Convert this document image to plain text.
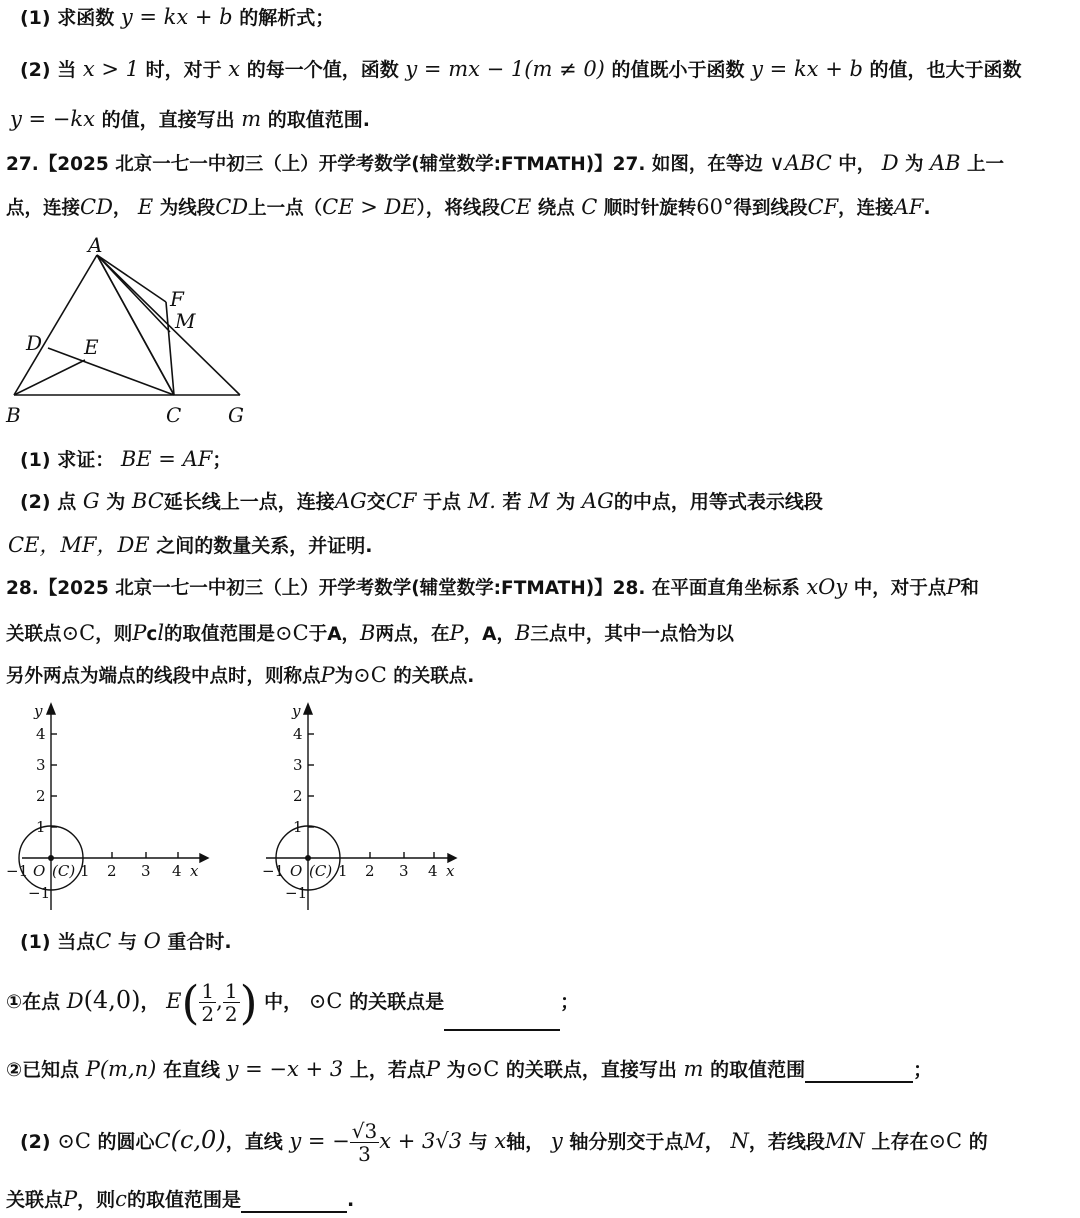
(1) 求函数 y = kx + b 的解析式；
(2) 当 x > 1 时，对于 x 的每一个值，函数 y = mx − 1(m ≠ 0) 的值既小于函数 y = kx + b 的值，也大于函数
y = −kx 的值，直接写出 m 的取值范围.
27.【2025 北京一七一中初三（上）开学考数学(辅堂数学:FTMATH)】27. 如图，在等边 ∨ABC 中， D 为 AB 上一
点，连接CD， E 为线段CD上一点（CE > DE），将线段CE 绕点 C 顺时针旋转60°得到线段CF，连接AF.
A
B	C
D E
F
G
M
(1) 求证： BE = AF；
(2) 点 G 为 BC延长线上一点，连接AG交CF 于点 M. 若 M 为 AG的中点，用等式表示线段
CE，MF，DE 之间的数量关系，并证明.
28.【2025 北京一七一中初三（上）开学考数学(辅堂数学:FTMATH)】28. 在平面直角坐标系 xOy 中，对于点P和
关联点⊙C，则Pcl的取值范围是⊙C于A，B两点，在P，A，B三点中，其中一点恰为以
另外两点为端点的线段中点时，则称点P为⊙C 的关联点.
y
x
4
3
2
1
−1
−1	1 2 3 4
O (C)
y
x
4
3
2
1
−1
−1	1 2 3 4
O (C)
(1) 当点C 与 O 重合时.
①在点 D(4,0)， $E( \frac{1}{2}$ , $\frac{1}{2}$ ) 中， ⊙C 的关联点是	；
②已知点 P(m,n) 在直线 y = −x + 3 上，若点P 为⊙C 的关联点，直接写出 m 的取值范围	；
(2) ⊙C 的圆心C(c,0)，直线 y = − $\frac{√3}{3}$ x + 3√3 与 x轴， y 轴分别交于点M， N，若线段MN 上存在⊙C 的
关联点P，则c的取值范围是	.
